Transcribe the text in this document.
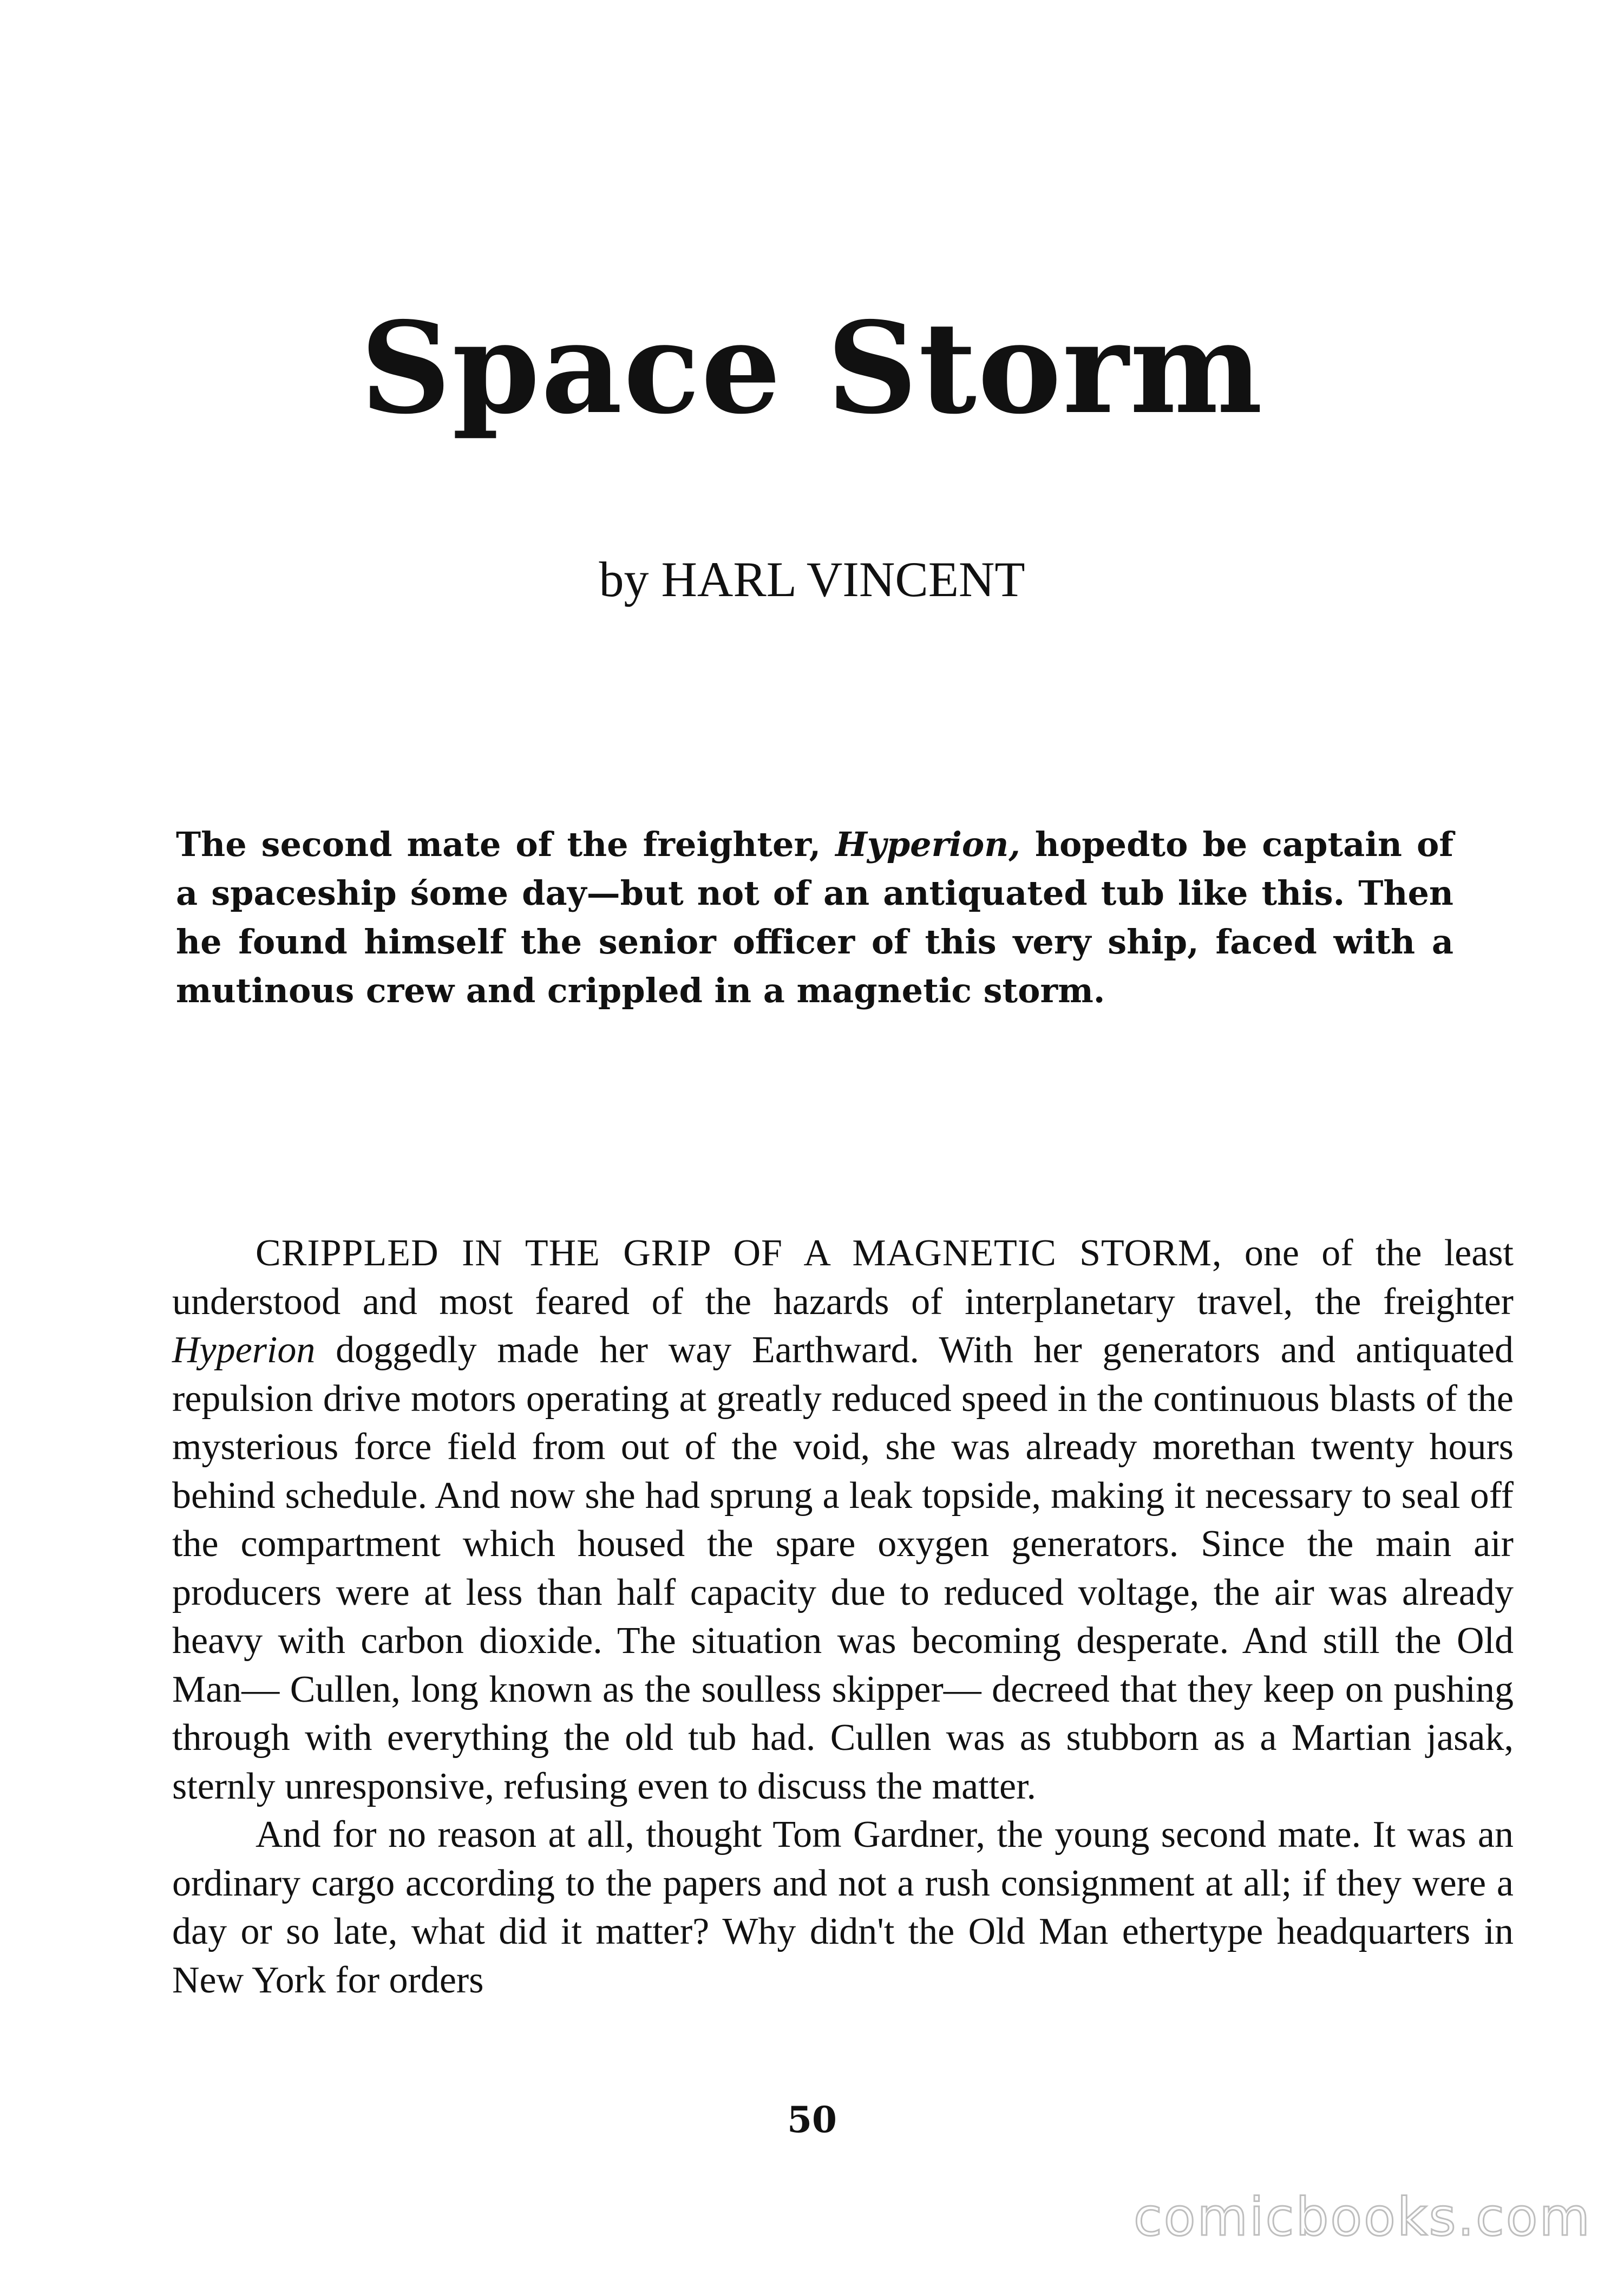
Space Storm
by HARL VINCENT

The second mate of the freighter, Hyperion, hopedto be captain of a spaceship śome day—but not of an antiquated tub like this. Then he found himself the senior officer of this very ship, faced with a mutinous crew and crippled in a magnetic storm.

CRIPPLED IN THE GRIP OF A MAGNETIC STORM, one of the least understood and most feared of the hazards of interplanetary travel, the freighter Hyperion doggedly made her way Earthward. With her generators and antiquated repulsion drive motors operating at greatly reduced speed in the continuous blasts of the mysterious force field from out of the void, she was already morethan twenty hours behind schedule. And now she had sprung a leak topside, making it necessary to seal off the compartment which housed the spare oxygen generators. Since the main air producers were at less than half capacity due to reduced voltage, the air was already heavy with carbon dioxide. The situation was becoming desperate. And still the Old Man— Cullen, long known as the soulless skipper— decreed that they keep on pushing through with everything the old tub had. Cullen was as stubborn as a Martian jasak, sternly unresponsive, refusing even to discuss the matter.

And for no reason at all, thought Tom Gardner, the young second mate. It was an ordinary cargo according to the papers and not a rush consignment at all; if they were a day or so late, what did it matter? Why didn't the Old Man ethertype headquarters in New York for orders

50
comicbooks.com
